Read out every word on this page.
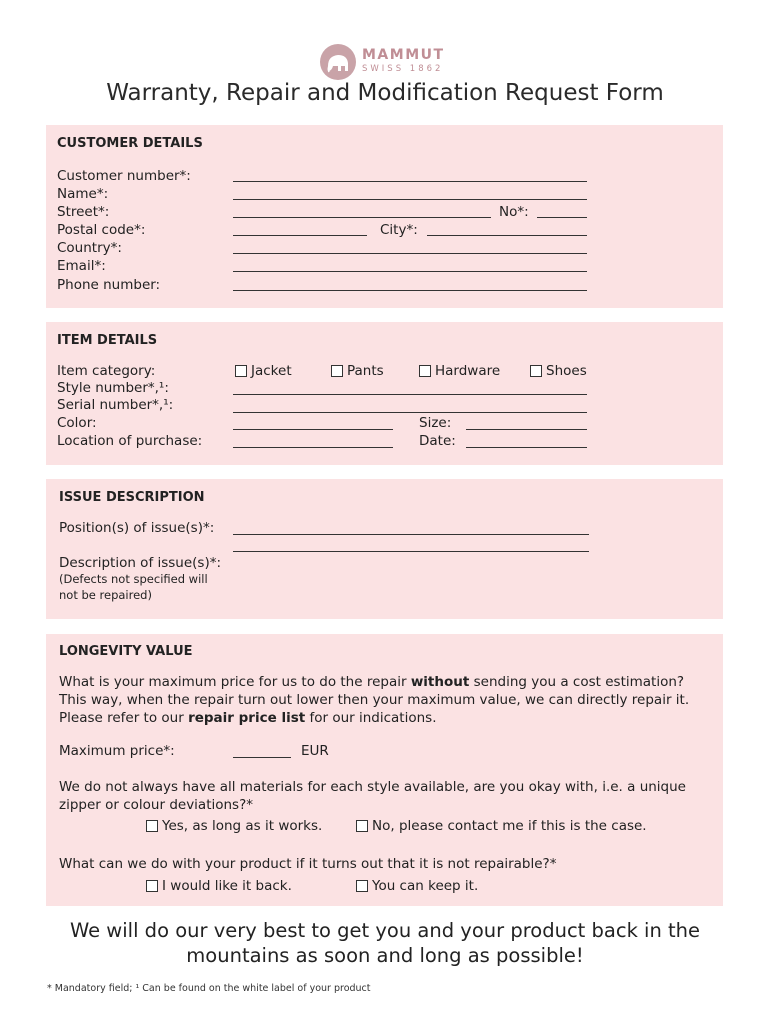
MAMMUT
SWISS 1862
Warranty, Repair and Modification Request Form
CUSTOMER DETAILS
Customer number*:
Name*:
Street*:	No*:
Postal code*:	City*:
Country*:
Email*:
Phone number:
ITEM DETAILS
Item category:	Jacket	Pants	Hardware	Shoes
Style number*,¹:
Serial number*,¹:
Color:	Size:
Location of purchase:	Date:
ISSUE DESCRIPTION
Position(s) of issue(s)*:
Description of issue(s)*:
(Defects not specified will
not be repaired)
LONGEVITY VALUE
What is your maximum price for us to do the repair without sending you a cost estimation?
This way, when the repair turn out lower then your maximum value, we can directly repair it.
Please refer to our repair price list for our indications.
Maximum price*:	EUR
We do not always have all materials for each style available, are you okay with, i.e. a unique
zipper or colour deviations?*
Yes, as long as it works.	No, please contact me if this is the case.
What can we do with your product if it turns out that it is not repairable?*
I would like it back.	You can keep it.
We will do our very best to get you and your product back in the
mountains as soon and long as possible!
* Mandatory field; ¹ Can be found on the white label of your product
